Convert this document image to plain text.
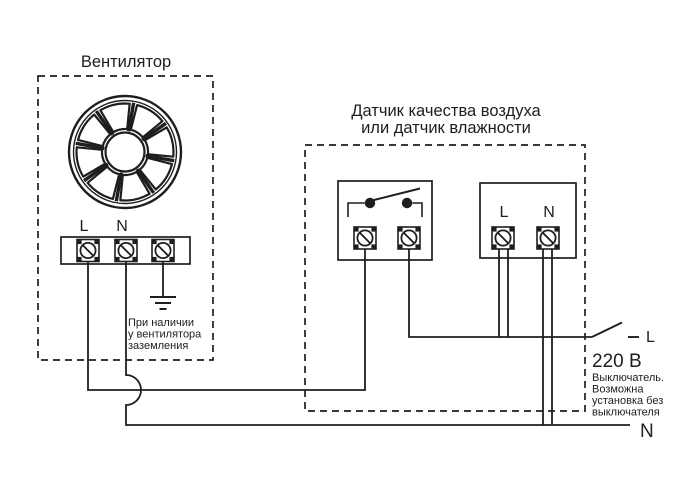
Вентилятор
Датчик качества воздуха
или датчик влажности
L N
L N
При наличии
у вентилятора
заземления	L
220 В
Выключатель.
Возможна
установка без
выключателя
N
